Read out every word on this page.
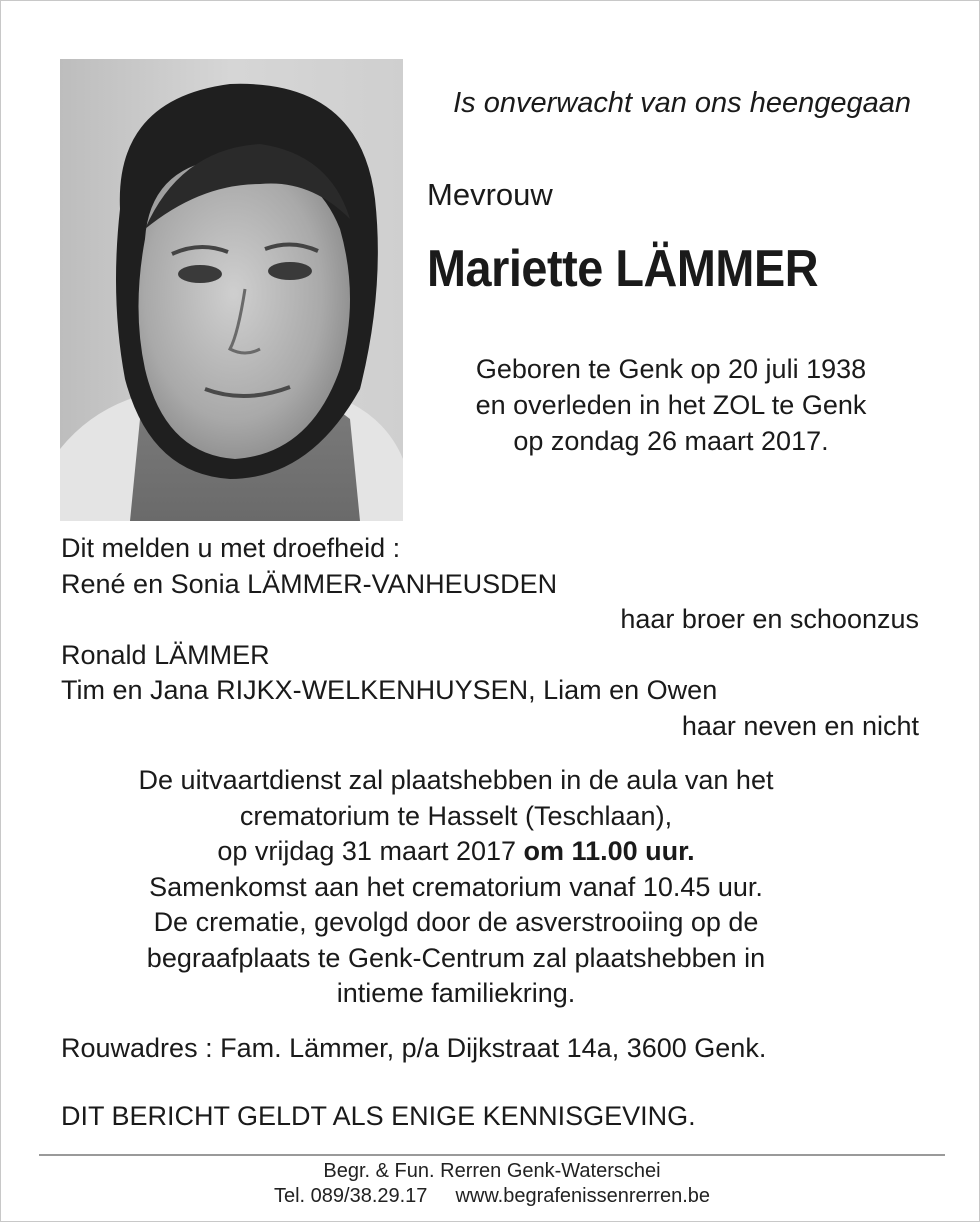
Is onverwacht van ons heengegaan
Mevrouw
Mariette LÄMMER
Geboren te Genk op 20 juli 1938
en overleden in het ZOL te Genk
op zondag 26 maart 2017.
Dit melden u met droefheid :
René en Sonia LÄMMER-VANHEUSDEN
haar broer en schoonzus
Ronald LÄMMER
Tim en Jana RIJKX-WELKENHUYSEN, Liam en Owen
haar neven en nicht
De uitvaartdienst zal plaatshebben in de aula van het
crematorium te Hasselt (Teschlaan),
op vrijdag 31 maart 2017 om 11.00 uur.
Samenkomst aan het crematorium vanaf 10.45 uur.
De crematie, gevolgd door de asverstrooiing op de
begraafplaats te Genk-Centrum zal plaatshebben in
intieme familiekring.
Rouwadres : Fam. Lämmer, p/a Dijkstraat 14a, 3600 Genk.
DIT BERICHT GELDT ALS ENIGE KENNISGEVING.
Begr. & Fun. Rerren Genk-Waterschei
Tel. 089/38.29.17 www.begrafenissenrerren.be
